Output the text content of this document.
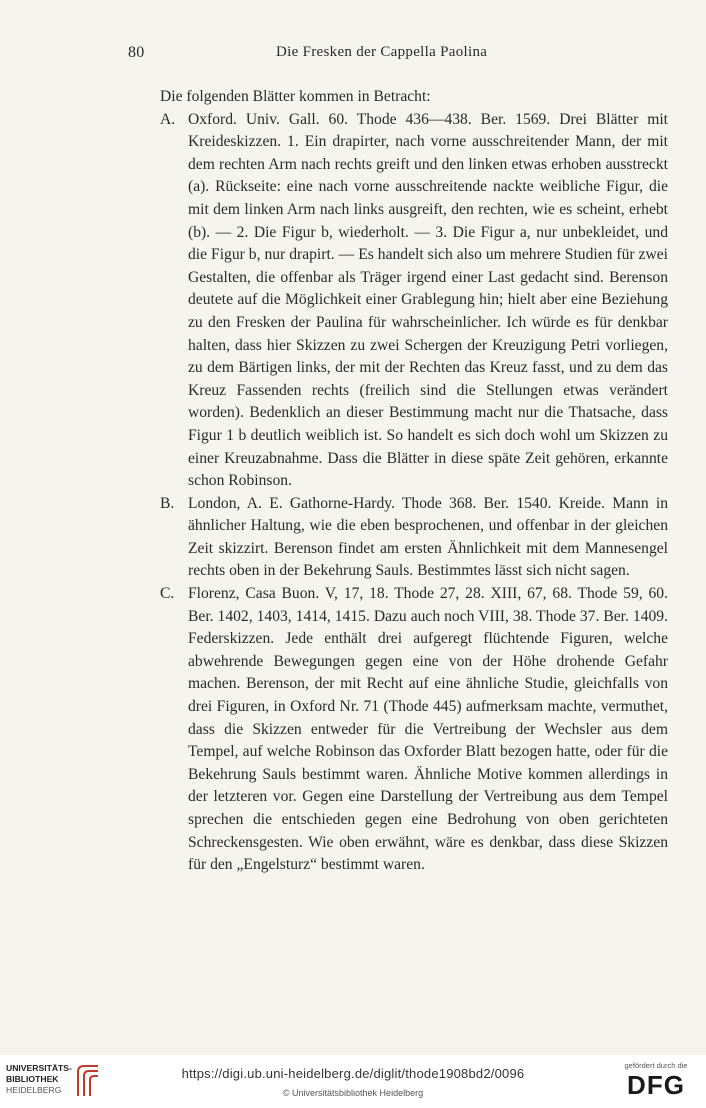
80	Die Fresken der Cappella Paolina

Die folgenden Blätter kommen in Betracht:

A. Oxford. Univ. Gall. 60. Thode 436—438. Ber. 1569. Drei Blätter mit Kreideskizzen. 1. Ein drapirter, nach vorne ausschreitender Mann, der mit dem rechten Arm nach rechts greift und den linken etwas erhoben ausstreckt (a). Rückseite: eine nach vorne ausschreitende nackte weibliche Figur, die mit dem linken Arm nach links ausgreift, den rechten, wie es scheint, erhebt (b). — 2. Die Figur b, wiederholt. — 3. Die Figur a, nur unbekleidet, und die Figur b, nur drapirt. — Es handelt sich also um mehrere Studien für zwei Gestalten, die offenbar als Träger irgend einer Last gedacht sind. Berenson deutete auf die Möglichkeit einer Grablegung hin; hielt aber eine Beziehung zu den Fresken der Paulina für wahrscheinlicher. Ich würde es für denkbar halten, dass hier Skizzen zu zwei Schergen der Kreuzigung Petri vorliegen, zu dem Bärtigen links, der mit der Rechten das Kreuz fasst, und zu dem das Kreuz Fassenden rechts (freilich sind die Stellungen etwas verändert worden). Bedenklich an dieser Bestimmung macht nur die Thatsache, dass Figur 1 b deutlich weiblich ist. So handelt es sich doch wohl um Skizzen zu einer Kreuzabnahme. Dass die Blätter in diese späte Zeit gehören, erkannte schon Robinson.

B. London, A. E. Gathorne-Hardy. Thode 368. Ber. 1540. Kreide. Mann in ähnlicher Haltung, wie die eben besprochenen, und offenbar in der gleichen Zeit skizzirt. Berenson findet am ersten Ähnlichkeit mit dem Mannesengel rechts oben in der Bekehrung Sauls. Bestimmtes lässt sich nicht sagen.

C. Florenz, Casa Buon. V, 17, 18. Thode 27, 28. XIII, 67, 68. Thode 59, 60. Ber. 1402, 1403, 1414, 1415. Dazu auch noch VIII, 38. Thode 37. Ber. 1409. Federskizzen. Jede enthält drei aufgeregt flüchtende Figuren, welche abwehrende Bewegungen gegen eine von der Höhe drohende Gefahr machen. Berenson, der mit Recht auf eine ähnliche Studie, gleichfalls von drei Figuren, in Oxford Nr. 71 (Thode 445) aufmerksam machte, vermuthet, dass die Skizzen entweder für die Vertreibung der Wechsler aus dem Tempel, auf welche Robinson das Oxforder Blatt bezogen hatte, oder für die Bekehrung Sauls bestimmt waren. Ähnliche Motive kommen allerdings in der letzteren vor. Gegen eine Darstellung der Vertreibung aus dem Tempel sprechen die entschieden gegen eine Bedrohung von oben gerichteten Schreckensgesten. Wie oben erwähnt, wäre es denkbar, dass diese Skizzen für den „Engelsturz“ bestimmt waren.

UNIVERSITÄTS-
BIBLIOTHEK
HEIDELBERG
https://digi.ub.uni-heidelberg.de/diglit/thode1908bd2/0096
© Universitätsbibliothek Heidelberg
gefördert durch die
DFG
